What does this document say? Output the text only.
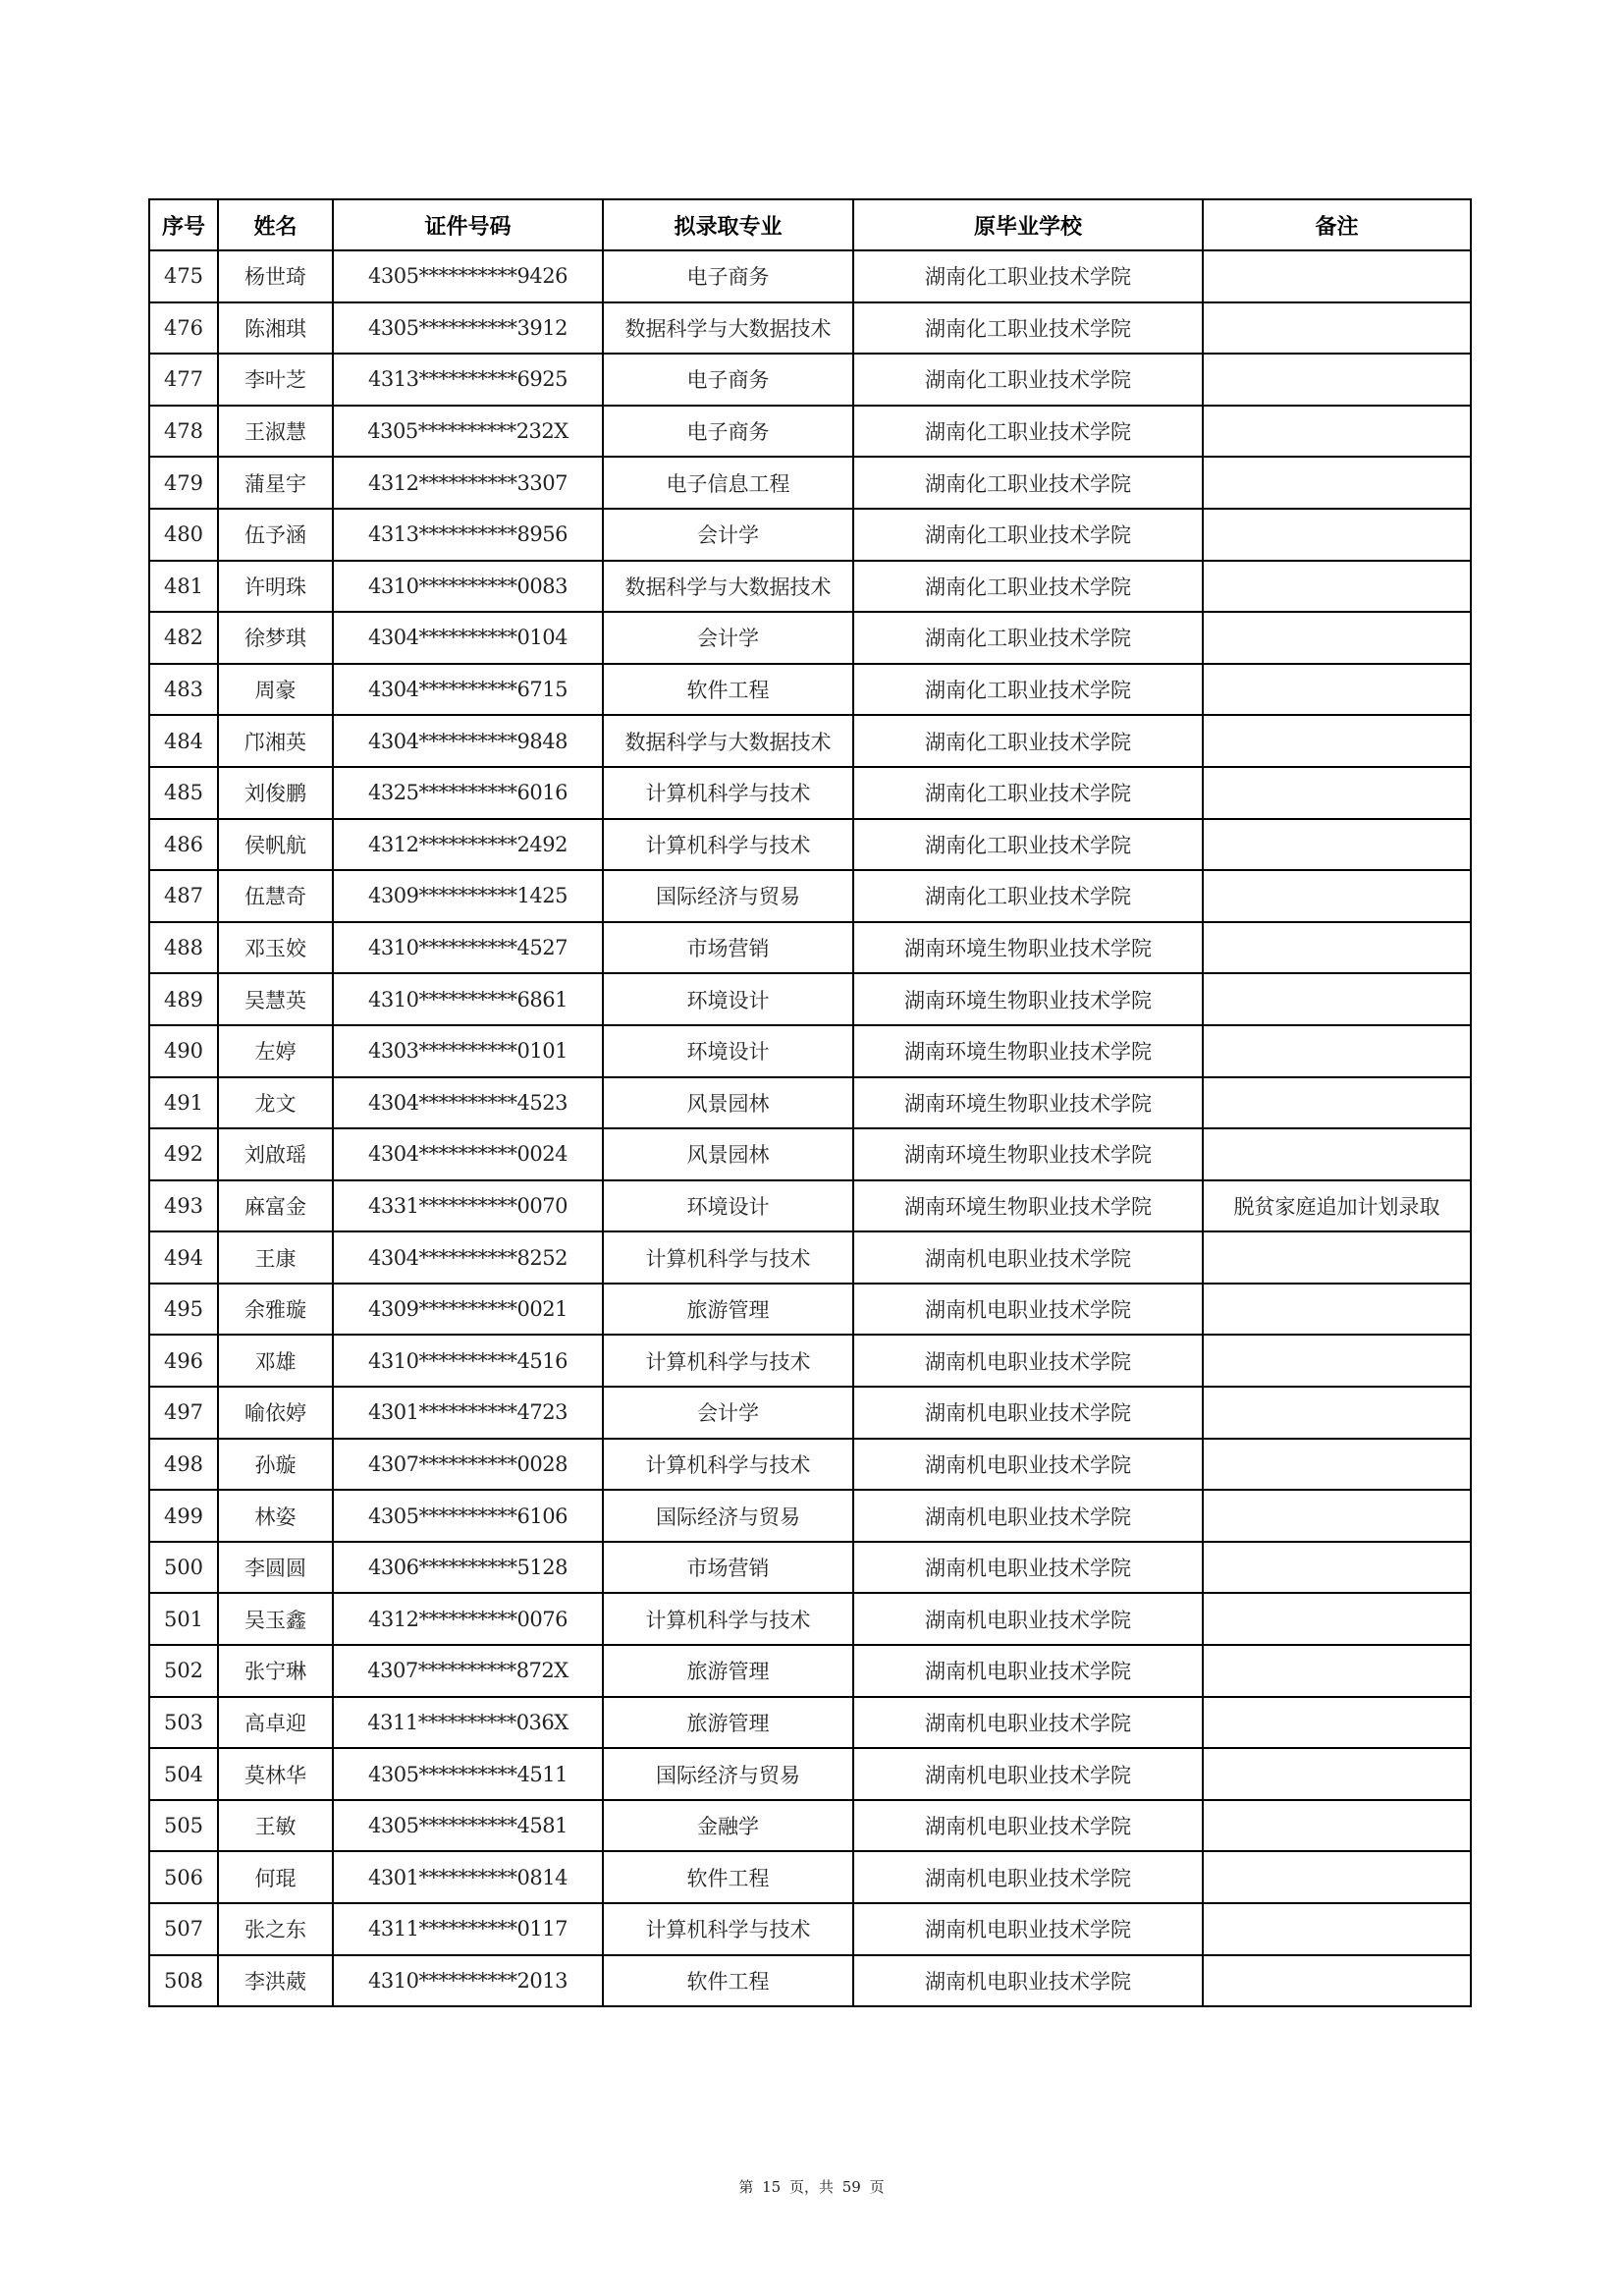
序号	姓名	证件号码	拟录取专业	原毕业学校	备注
475	杨世琦	4305**********9426	电子商务	湖南化工职业技术学院	
476	陈湘琪	4305**********3912	数据科学与大数据技术	湖南化工职业技术学院	
477	李叶芝	4313**********6925	电子商务	湖南化工职业技术学院	
478	王淑慧	4305**********232X	电子商务	湖南化工职业技术学院	
479	蒲星宇	4312**********3307	电子信息工程	湖南化工职业技术学院	
480	伍予涵	4313**********8956	会计学	湖南化工职业技术学院	
481	许明珠	4310**********0083	数据科学与大数据技术	湖南化工职业技术学院	
482	徐梦琪	4304**********0104	会计学	湖南化工职业技术学院	
483	周豪	4304**********6715	软件工程	湖南化工职业技术学院	
484	邝湘英	4304**********9848	数据科学与大数据技术	湖南化工职业技术学院	
485	刘俊鹏	4325**********6016	计算机科学与技术	湖南化工职业技术学院	
486	侯帆航	4312**********2492	计算机科学与技术	湖南化工职业技术学院	
487	伍慧奇	4309**********1425	国际经济与贸易	湖南化工职业技术学院	
488	邓玉姣	4310**********4527	市场营销	湖南环境生物职业技术学院	
489	吴慧英	4310**********6861	环境设计	湖南环境生物职业技术学院	
490	左婷	4303**********0101	环境设计	湖南环境生物职业技术学院	
491	龙文	4304**********4523	风景园林	湖南环境生物职业技术学院	
492	刘啟瑶	4304**********0024	风景园林	湖南环境生物职业技术学院	
493	麻富金	4331**********0070	环境设计	湖南环境生物职业技术学院	脱贫家庭追加计划录取
494	王康	4304**********8252	计算机科学与技术	湖南机电职业技术学院	
495	余雅璇	4309**********0021	旅游管理	湖南机电职业技术学院	
496	邓雄	4310**********4516	计算机科学与技术	湖南机电职业技术学院	
497	喻依婷	4301**********4723	会计学	湖南机电职业技术学院	
498	孙璇	4307**********0028	计算机科学与技术	湖南机电职业技术学院	
499	林姿	4305**********6106	国际经济与贸易	湖南机电职业技术学院	
500	李圆圆	4306**********5128	市场营销	湖南机电职业技术学院	
501	吴玉鑫	4312**********0076	计算机科学与技术	湖南机电职业技术学院	
502	张宁琳	4307**********872X	旅游管理	湖南机电职业技术学院	
503	高卓迎	4311**********036X	旅游管理	湖南机电职业技术学院	
504	莫林华	4305**********4511	国际经济与贸易	湖南机电职业技术学院	
505	王敏	4305**********4581	金融学	湖南机电职业技术学院	
506	何琨	4301**********0814	软件工程	湖南机电职业技术学院	
507	张之东	4311**********0117	计算机科学与技术	湖南机电职业技术学院	
508	李洪葳	4310**********2013	软件工程	湖南机电职业技术学院	
第 15 页，共 59 页
